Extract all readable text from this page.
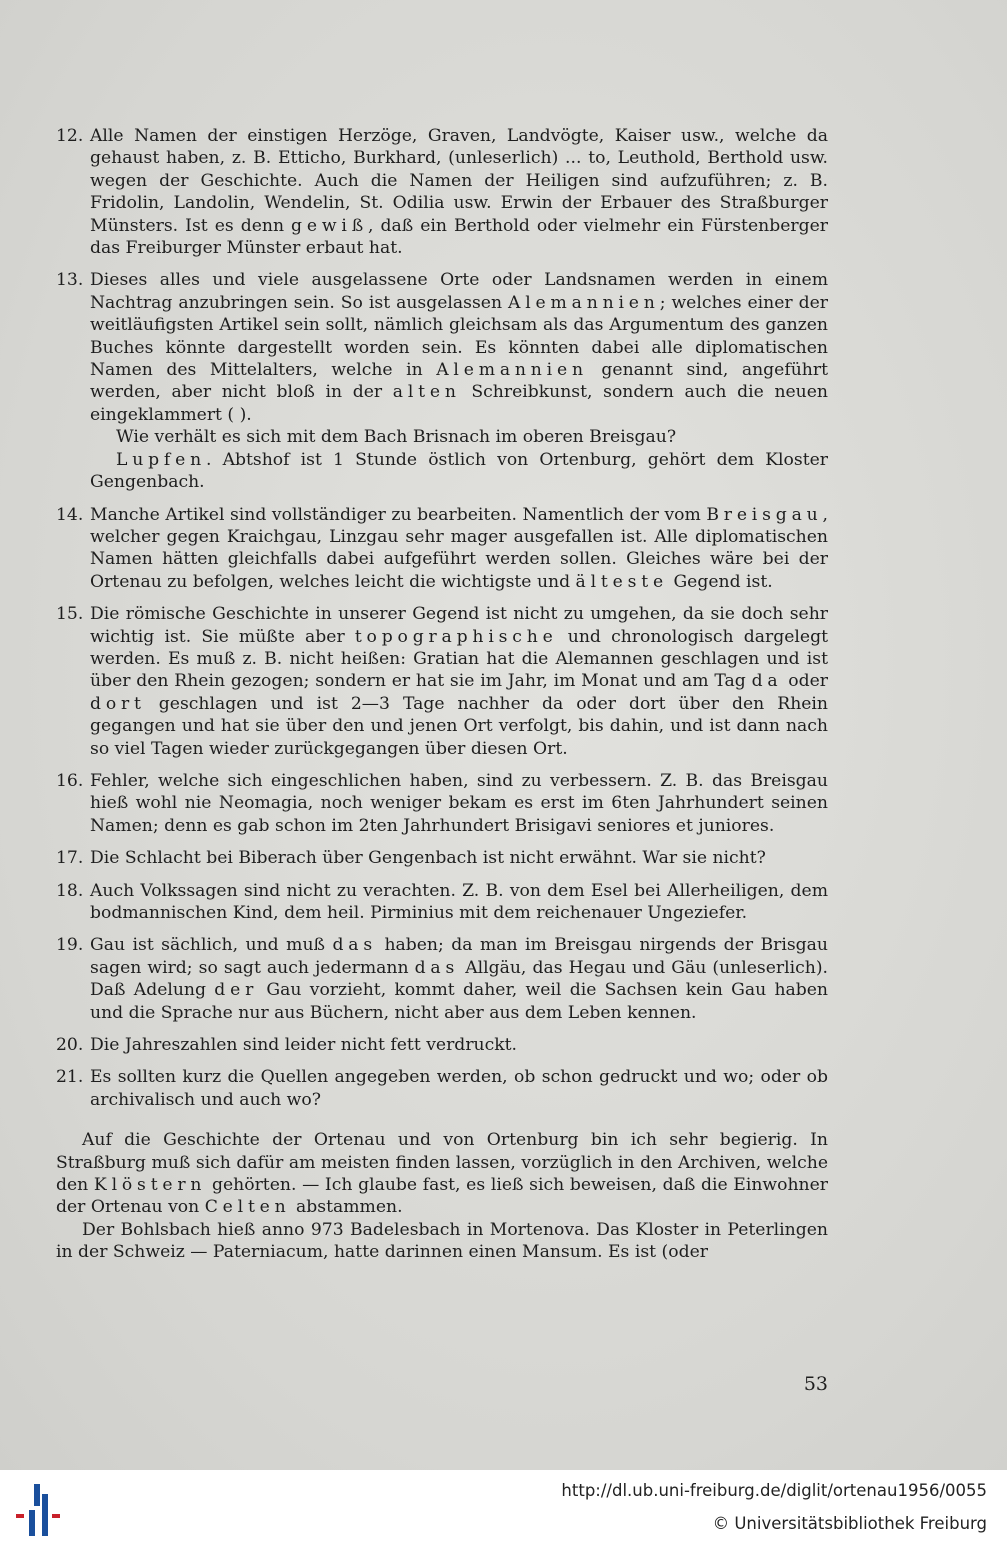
12. Alle Namen der einstigen Herzöge, Graven, Landvögte, Kaiser usw., welche da gehaust haben, z. B. Etticho, Burkhard, (unleserlich) ... to, Leuthold, Berthold usw. wegen der Geschichte. Auch die Namen der Heiligen sind aufzuführen; z. B. Fridolin, Landolin, Wendelin, St. Odilia usw. Erwin der Erbauer des Straßburger Münsters. Ist es denn gewiß, daß ein Berthold oder vielmehr ein Fürstenberger das Freiburger Münster erbaut hat.

13. Dieses alles und viele ausgelassene Orte oder Landsnamen werden in einem Nachtrag anzubringen sein. So ist ausgelassen Alemannien; welches einer der weitläufigsten Artikel sein sollt, nämlich gleichsam als das Argumentum des ganzen Buches könnte dargestellt worden sein. Es könnten dabei alle diplomatischen Namen des Mittelalters, welche in Alemannien genannt sind, angeführt werden, aber nicht bloß in der alten Schreibkunst, sondern auch die neuen eingeklammert ( ).

Wie verhält es sich mit dem Bach Brisnach im oberen Breisgau?

Lupfen. Abtshof ist 1 Stunde östlich von Ortenburg, gehört dem Kloster Gengenbach.

14. Manche Artikel sind vollständiger zu bearbeiten. Namentlich der vom Breisgau, welcher gegen Kraichgau, Linzgau sehr mager ausgefallen ist. Alle diplomatischen Namen hätten gleichfalls dabei aufgeführt werden sollen. Gleiches wäre bei der Ortenau zu befolgen, welches leicht die wichtigste und älteste Gegend ist.

15. Die römische Geschichte in unserer Gegend ist nicht zu umgehen, da sie doch sehr wichtig ist. Sie müßte aber topographische und chronologisch dargelegt werden. Es muß z. B. nicht heißen: Gratian hat die Alemannen geschlagen und ist über den Rhein gezogen; sondern er hat sie im Jahr, im Monat und am Tag da oder dort geschlagen und ist 2—3 Tage nachher da oder dort über den Rhein gegangen und hat sie über den und jenen Ort verfolgt, bis dahin, und ist dann nach so viel Tagen wieder zurückgegangen über diesen Ort.

16. Fehler, welche sich eingeschlichen haben, sind zu verbessern. Z. B. das Breisgau hieß wohl nie Neomagia, noch weniger bekam es erst im 6ten Jahrhundert seinen Namen; denn es gab schon im 2ten Jahrhundert Brisigavi seniores et juniores.

17. Die Schlacht bei Biberach über Gengenbach ist nicht erwähnt. War sie nicht?

18. Auch Volkssagen sind nicht zu verachten. Z. B. von dem Esel bei Allerheiligen, dem bodmannischen Kind, dem heil. Pirminius mit dem reichenauer Ungeziefer.

19. Gau ist sächlich, und muß das haben; da man im Breisgau nirgends der Brisgau sagen wird; so sagt auch jedermann das Allgäu, das Hegau und Gäu (unleserlich). Daß Adelung der Gau vorzieht, kommt daher, weil die Sachsen kein Gau haben und die Sprache nur aus Büchern, nicht aber aus dem Leben kennen.

20. Die Jahreszahlen sind leider nicht fett verdruckt.

21. Es sollten kurz die Quellen angegeben werden, ob schon gedruckt und wo; oder ob archivalisch und auch wo?

Auf die Geschichte der Ortenau und von Ortenburg bin ich sehr begierig. In Straßburg muß sich dafür am meisten finden lassen, vorzüglich in den Archiven, welche den Klöstern gehörten. — Ich glaube fast, es ließ sich beweisen, daß die Einwohner der Ortenau von Celten abstammen.

Der Bohlsbach hieß anno 973 Badelesbach in Mortenova. Das Kloster in Peterlingen in der Schweiz — Paterniacum, hatte darinnen einen Mansum. Es ist (oder

53
http://dl.ub.uni-freiburg.de/diglit/ortenau1956/0055
© Universitätsbibliothek Freiburg
